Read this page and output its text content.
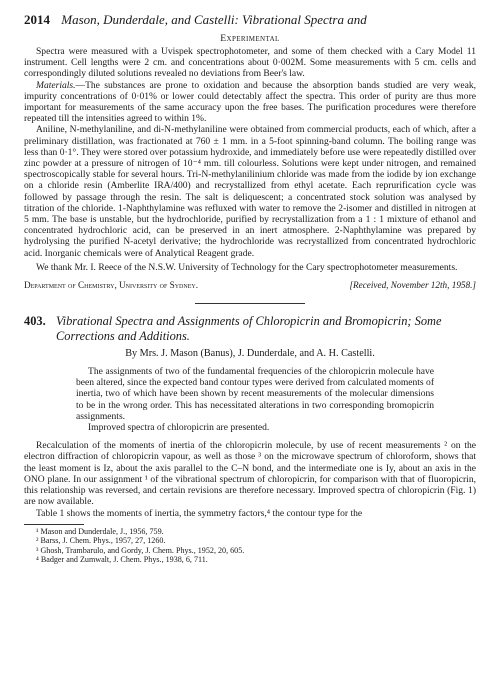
2014 Mason, Dunderdale, and Castelli: Vibrational Spectra and
Experimental

Spectra were measured with a Uvispek spectrophotometer, and some of them checked with a Cary Model 11 instrument. Cell lengths were 2 cm. and concentrations about 0·002M. Some measurements with 5 cm. cells and correspondingly diluted solutions revealed no deviations from Beer's law.

Materials.—The substances are prone to oxidation and because the absorption bands studied are very weak, impurity concentrations of 0·01% or lower could detectably affect the spectra. This order of purity are thus more important for measurements of the same accuracy upon the free bases. The purification procedures were therefore repeated till the intensities agreed to within 1%.

Aniline, N-methylaniline, and di-N-methylaniline were obtained from commercial products, each of which, after a preliminary distillation, was fractionated at 760 ± 1 mm. in a 5-foot spinning-band column. The boiling range was less than 0·1°. They were stored over potassium hydroxide, and immediately before use were repeatedly distilled over zinc powder at a pressure of nitrogen of 10⁻⁴ mm. till colourless. Solutions were kept under nitrogen, and remained spectroscopically stable for several hours. Tri-N-methylanilinium chloride was made from the iodide by ion exchange on a chloride resin (Amberlite IRA/400) and recrystallized from ethyl acetate. Each reprurification cycle was followed by passage through the resin. The salt is deliquescent; a concentrated stock solution was analysed by titration of the chloride. 1-Naphthylamine was refluxed with water to remove the 2-isomer and distilled in nitrogen at 5 mm. The base is unstable, but the hydrochloride, purified by recrystallization from a 1 : 1 mixture of ethanol and concentrated hydrochloric acid, can be preserved in an inert atmosphere. 2-Naphthylamine was prepared by hydrolysing the purified N-acetyl derivative; the hydrochloride was recrystallized from concentrated hydrochloric acid. Inorganic chemicals were of Analytical Reagent grade.

We thank Mr. I. Reece of the N.S.W. University of Technology for the Cary spectrophotometer measurements.

Department of Chemistry, University of Sydney.	[Received, November 12th, 1958.]
403. Vibrational Spectra and Assignments of Chloropicrin and Bromopicrin; Some Corrections and Additions.
By Mrs. J. Mason (Banus), J. Dunderdale, and A. H. Castelli.

The assignments of two of the fundamental frequencies of the chloropicrin molecule have been altered, since the expected band contour types were derived from calculated moments of inertia, two of which have been shown by recent measurements of the molecular dimensions to be in the wrong order. This has necessitated alterations in two corresponding bromopicrin assignments.

Improved spectra of chloropicrin are presented.

Recalculation of the moments of inertia of the chloropicrin molecule, by use of recent measurements ² on the electron diffraction of chloropicrin vapour, as well as those ³ on the microwave spectrum of chloroform, shows that the least moment is Iz, about the axis parallel to the C–N bond, and the intermediate one is Iy, about an axis in the ONO plane. In our assignment ¹ of the vibrational spectrum of chloropicrin, for comparison with that of fluoropicrin, this relationship was reversed, and certain revisions are therefore necessary. Improved spectra of chloropicrin (Fig. 1) are now available.

Table 1 shows the moments of inertia, the symmetry factors,⁴ the contour type for the

¹ Mason and Dunderdale, J., 1956, 759.

² Barss, J. Chem. Phys., 1957, 27, 1260.

³ Ghosh, Trambarulo, and Gordy, J. Chem. Phys., 1952, 20, 605.

⁴ Badger and Zumwalt, J. Chem. Phys., 1938, 6, 711.
